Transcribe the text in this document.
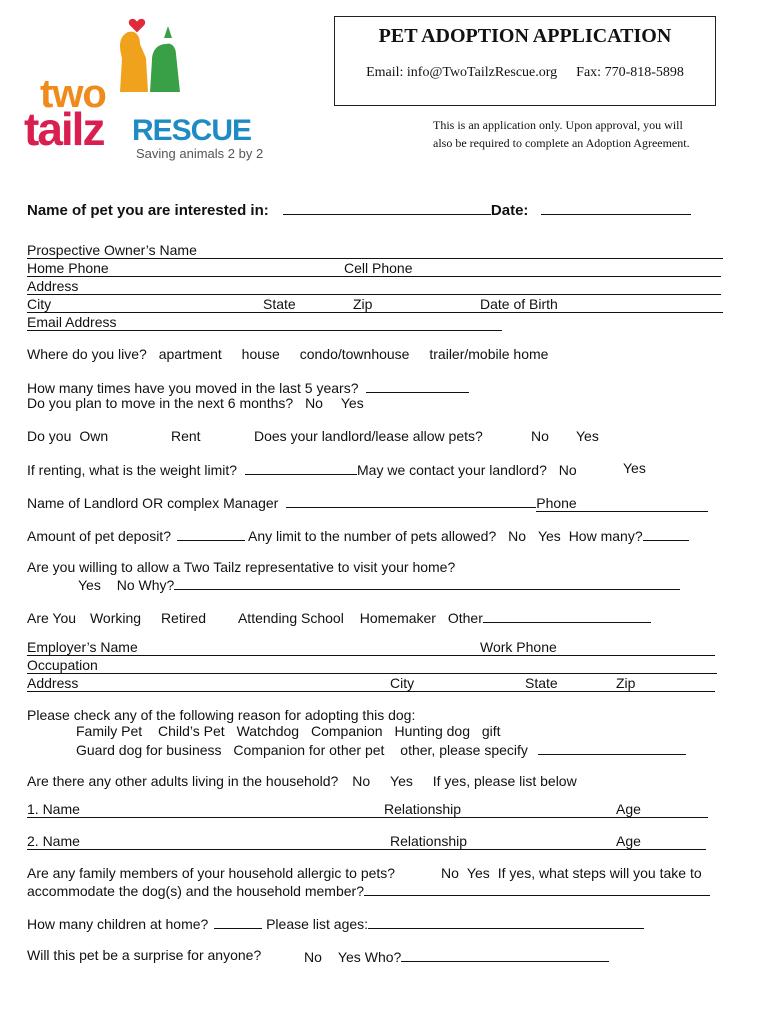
two
tailz RESCUE
Saving animals 2 by 2
PET ADOPTION APPLICATION
Email: info@TwoTailzRescue.org Fax: 770-818-5898
This is an application only. Upon approval, you will
also be required to complete an Adoption Agreement.
Name of pet you are interested in:	Date:
Prospective Owner’s Name
Home Phone	Cell Phone
Address
City	State	Zip	Date of Birth
Email Address
Where do you live? apartment house condo/townhouse trailer/mobile home
How many times have you moved in the last 5 years?
Do you plan to move in the next 6 months? No Yes
Do you Own	Rent	Does your landlord/lease allow pets?	No	Yes
If renting, what is the weight limit?	May we contact your landlord? No	Yes
Name of Landlord OR complex Manager	Phone
Amount of pet deposit?	Any limit to the number of pets allowed? No Yes How many?
Are you willing to allow a Two Tailz representative to visit your home?
Yes No Why?
Are You Working Retired Attending School Homemaker Other
Employer’s Name	Work Phone
Occupation
Address	City	State	Zip
Please check any of the following reason for adopting this dog:
Family Pet Child’s Pet Watchdog Companion Hunting dog gift
Guard dog for business Companion for other pet other, please specify
Are there any other adults living in the household? No Yes If yes, please list below
1. Name	Relationship	Age
2. Name	Relationship	Age
Are any family members of your household allergic to pets?	No Yes If yes, what steps will you take to
accommodate the dog(s) and the household member?
How many children at home?	Please list ages:
Will this pet be a surprise for anyone?	No Yes Who?
